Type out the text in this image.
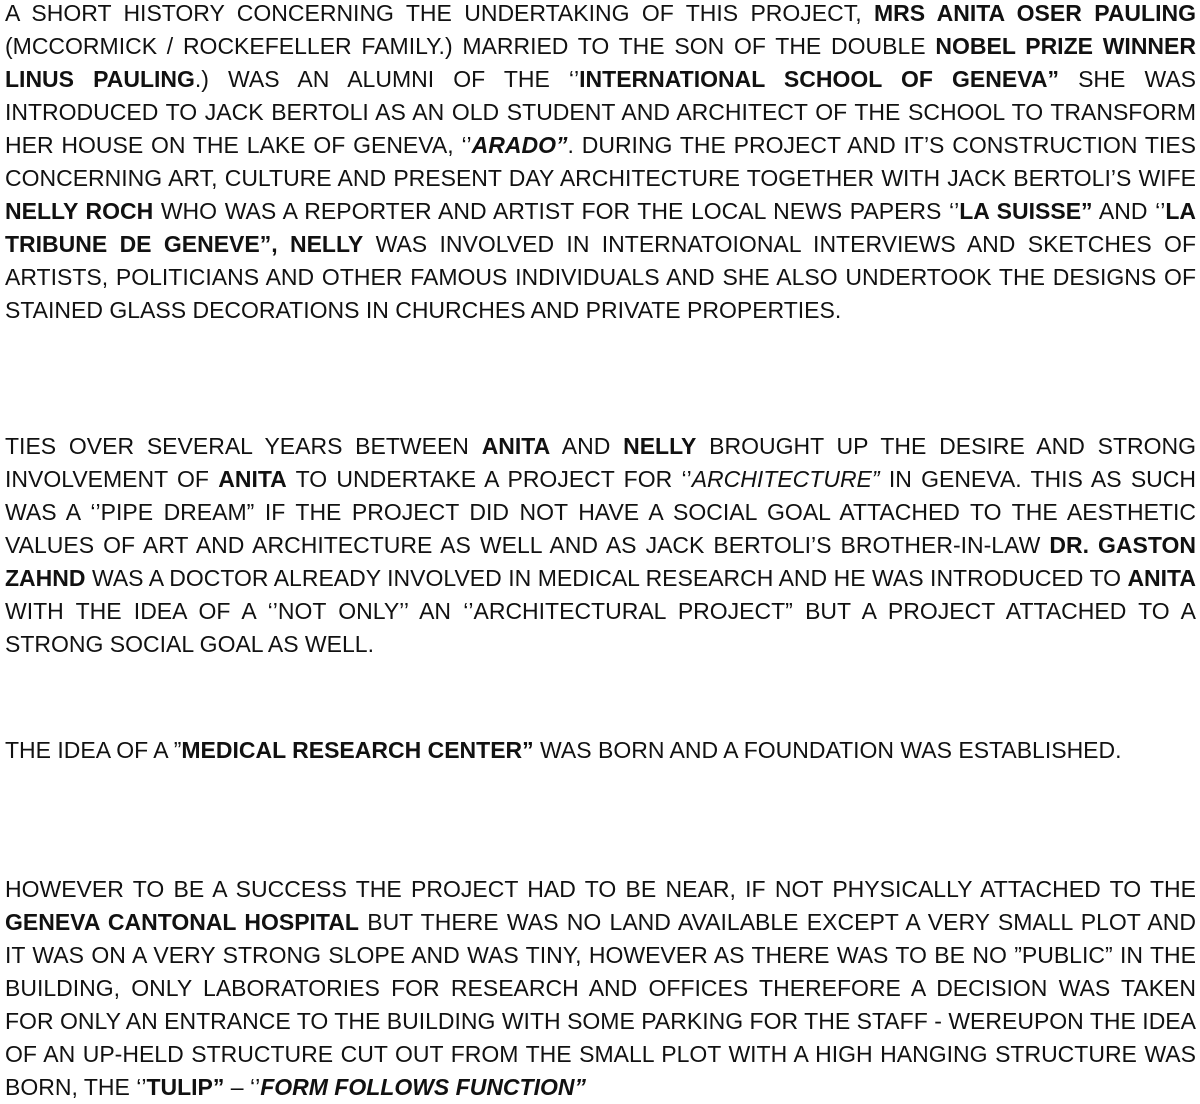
A SHORT HISTORY CONCERNING THE UNDERTAKING OF THIS PROJECT, MRS ANITA OSER PAULING (MCCORMICK / ROCKEFELLER FAMILY.) MARRIED TO THE SON OF THE DOUBLE NOBEL PRIZE WINNER LINUS PAULING.) WAS AN ALUMNI OF THE ‘’INTERNATIONAL SCHOOL OF GENEVA” SHE WAS INTRODUCED TO JACK BERTOLI AS AN OLD STUDENT AND ARCHITECT OF THE SCHOOL TO TRANSFORM HER HOUSE ON THE LAKE OF GENEVA, ‘’ARADO”. DURING THE PROJECT AND IT’S CONSTRUCTION TIES CONCERNING ART, CULTURE AND PRESENT DAY ARCHITECTURE TOGETHER WITH JACK BERTOLI’S WIFE NELLY ROCH WHO WAS A REPORTER AND ARTIST FOR THE LOCAL NEWS PAPERS ‘’LA SUISSE” AND ‘’LA TRIBUNE DE GENEVE”, NELLY WAS INVOLVED IN INTERNATOIONAL INTERVIEWS AND SKETCHES OF ARTISTS, POLITICIANS AND OTHER FAMOUS INDIVIDUALS AND SHE ALSO UNDERTOOK THE DESIGNS OF STAINED GLASS DECORATIONS IN CHURCHES AND PRIVATE PROPERTIES.

TIES OVER SEVERAL YEARS BETWEEN ANITA AND NELLY BROUGHT UP THE DESIRE AND STRONG INVOLVEMENT OF ANITA TO UNDERTAKE A PROJECT FOR ‘’ARCHITECTURE” IN GENEVA. THIS AS SUCH WAS A ‘’PIPE DREAM” IF THE PROJECT DID NOT HAVE A SOCIAL GOAL ATTACHED TO THE AESTHETIC VALUES OF ART AND ARCHITECTURE AS WELL AND AS JACK BERTOLI’S BROTHER-IN-LAW DR. GASTON ZAHND WAS A DOCTOR ALREADY INVOLVED IN MEDICAL RESEARCH AND HE WAS INTRODUCED TO ANITA WITH THE IDEA OF A ‘’NOT ONLY’’ AN ‘’ARCHITECTURAL PROJECT” BUT A PROJECT ATTACHED TO A STRONG SOCIAL GOAL AS WELL.

THE IDEA OF A ”MEDICAL RESEARCH CENTER” WAS BORN AND A FOUNDATION WAS ESTABLISHED.

HOWEVER TO BE A SUCCESS THE PROJECT HAD TO BE NEAR, IF NOT PHYSICALLY ATTACHED TO THE GENEVA CANTONAL HOSPITAL BUT THERE WAS NO LAND AVAILABLE EXCEPT A VERY SMALL PLOT AND IT WAS ON A VERY STRONG SLOPE AND WAS TINY, HOWEVER AS THERE WAS TO BE NO ”PUBLIC” IN THE BUILDING, ONLY LABORATORIES FOR RESEARCH AND OFFICES THEREFORE A DECISION WAS TAKEN FOR ONLY AN ENTRANCE TO THE BUILDING WITH SOME PARKING FOR THE STAFF - WEREUPON THE IDEA OF AN UP-HELD STRUCTURE CUT OUT FROM THE SMALL PLOT WITH A HIGH HANGING STRUCTURE WAS BORN, THE ‘’TULIP” – ‘’FORM FOLLOWS FUNCTION”
